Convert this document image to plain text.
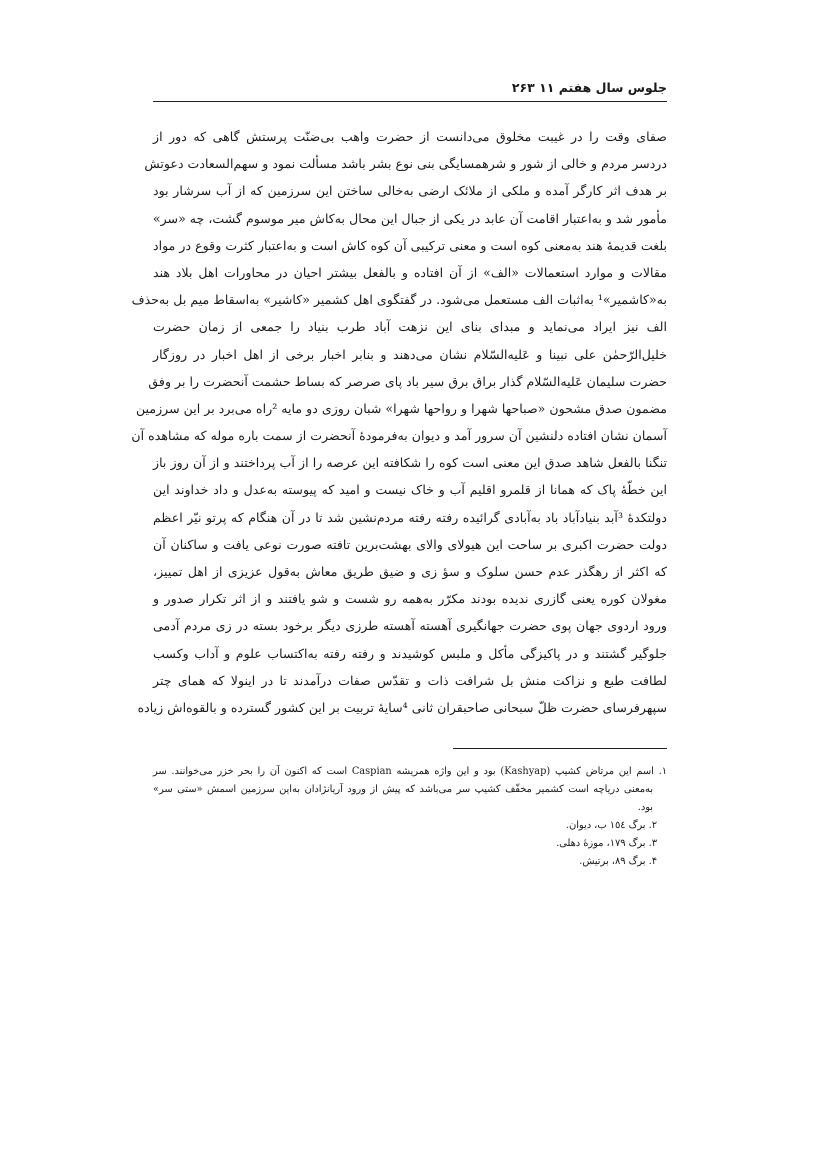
جلوس سال هفتم ۱۱ ۲۶۳
صفای وقت را در غیبت مخلوق می‌دانست از حضرت واهب بی‌ضنّت پرستش گاهی که دور از
دردسر مردم و خالی از شور و شرهمسایگی بنی نوع بشر باشد مسألت نمود و سهم‌السعادت دعوتش
بر هدف اثر کارگر آمده و ملکی از ملائک ارضی به‌خالی ساختن این سرزمین که از آب سرشار بود
مأمور شد و به‌اعتبار اقامت آن عابد در یکی از جبال این محال به‌کاش میر موسوم گشت، چه «سر»
بلغت قدیمهٔ هند به‌معنی کوه است و معنی ترکیبی آن کوه کاش است و به‌اعتبار کثرت وقوع در مواد
مقالات و موارد استعمالات «الف» از آن افتاده و بالفعل بیشتر احیان در محاورات اهل بلاد هند
به«کاشمیر»¹ به‌اثبات الف مستعمل می‌شود. در گفتگوی اهل کشمیر «کاشیر» به‌اسقاط میم بل به‌حذف
الف نیز ایراد می‌نماید و مبدای بنای این نزهت آباد طرب بنیاد را جمعی از زمان حضرت
خلیل‌الرّحمٰن علی نبینا و عَلیه‌السّلام نشان می‌دهند و بنابر اخبار برخی از اهل اخبار در روزگار
حضرت سلیمان عَلیه‌السّلام گذار براق برق سیر باد پای صرصر که بساط حشمت آنحضرت را بر وفق
مضمون صدق مشحون «صباحها شهرا و رواحها شهرا» شبان روزی دو مایه ²راه می‌برد بر این سرزمین
آسمان نشان افتاده دلنشین آن سرور آمد و دیوان به‌فرمودهٔ آنحضرت از سمت باره موله که مشاهده آن
تنگنا بالفعل شاهد صدق این معنی است کوه را شکافته این عرصه را از آب پرداختند و از آن روز باز
این خطّهٔ پاک که همانا از قلمرو اقلیم آب و خاک نیست و امید که پیوسته به‌عدل و داد خداوند این
دولتکدهٔ ³آبد بنیادآباد باد به‌آبادی گرائیده رفته رفته مردم‌نشین شد تا در آن هنگام که پرتو نیّر اعظم
دولت حضرت اکبری بر ساحت این هیولای والای بهشت‌برین تافته صورت نوعی یافت و ساکنان آن
که اکثر از رهگذر عدم حسن سلوک و سؤ زی و ضیق طریق معاش به‌قول عزیزی از اهل تمییز،
مغولان کوره یعنی گازری ندیده بودند مکرّر به‌همه رو شست و شو یافتند و از اثر تکرار صدور و
ورود اردوی جهان پوی حضرت جهانگیری آهسته آهسته طرزی دیگر برخود بسته در زی مردم آدمی
جلوگیر گشتند و در پاکیزگی مأکل و ملبس کوشیدند و رفته رفته به‌اکتساب علوم و آداب وکسب
لطافت طبع و نزاکت منش بل شرافت ذات و تقدّس صفات درآمدند تا در اینولا که همای چتر
سپهرفرسای حضرت ظلّ سبحانی صاحبقران ثانی ⁴سایهٔ تربیت بر این کشور گسترده و بالقوه‌اش زیاده
۱. اسم این مرتاض کشیپ (Kashyap) بود و این واژه همریشه Caspian است که اکنون آن را بحر خزر می‌خوانند. سر
به‌معنی دریاچه است کشمیر مخفّف کشیپ سر می‌باشد که پیش از ورود آریانژادان به‌این سرزمین اسمش «ستی سر»
بود.
۲. برگ ١٥٤ ب، دیوان.
۳. برگ ١٧٩، موزهٔ دهلی.
۴. برگ ٨٩، برتیش.
